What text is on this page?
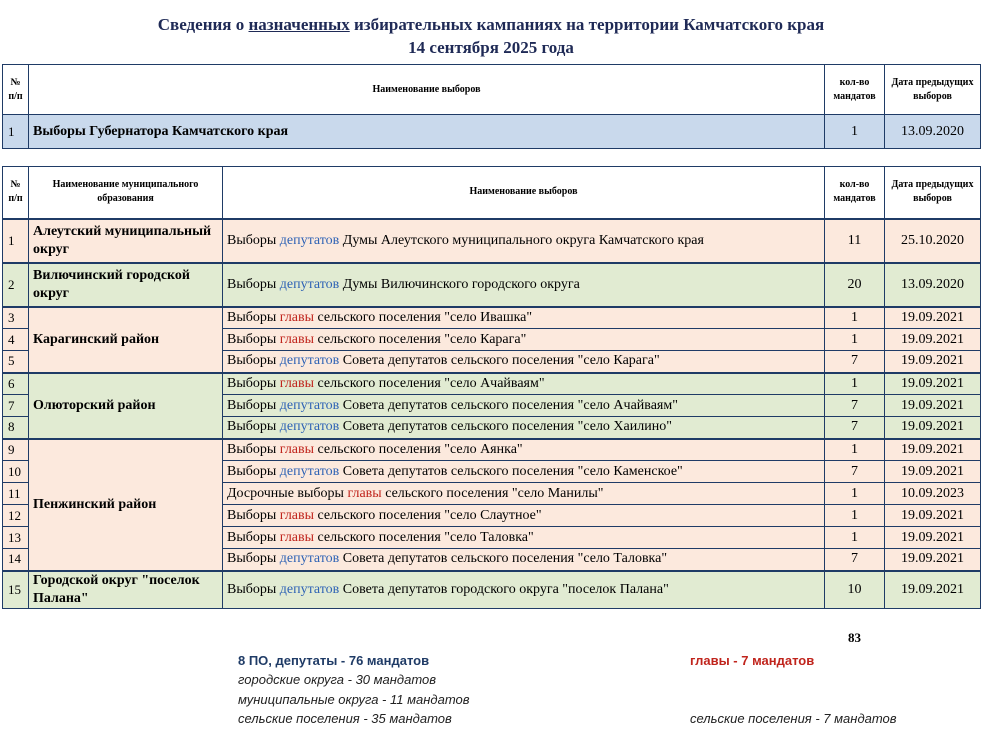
Сведения о назначенных избирательных кампаниях на территории Камчатского края
14 сентября 2025 года
№ п/п	Наименование выборов	кол-во мандатов	Дата предыдущих выборов
1	Выборы Губернатора Камчатского края	1	13.09.2020
№ п/п	Наименование муниципального образования	Наименование выборов	кол-во мандатов	Дата предыдущих выборов
1	Алеутский муниципальный округ	Выборы депутатов Думы Алеутского муниципального округа Камчатского края	11	25.10.2020
2	Вилючинский городской округ	Выборы депутатов Думы Вилючинского городского округа	20	13.09.2020
3	Карагинский район	Выборы главы сельского поселения "село Ивашка"	1	19.09.2021
4		Выборы главы сельского поселения "село Карага"	1	19.09.2021
5		Выборы депутатов Совета депутатов сельского поселения "село Карага"	7	19.09.2021
6	Олюторский район	Выборы главы сельского поселения "село Ачайваям"	1	19.09.2021
7		Выборы депутатов Совета депутатов сельского поселения "село Ачайваям"	7	19.09.2021
8		Выборы депутатов Совета депутатов сельского поселения "село Хаилино"	7	19.09.2021
9	Пенжинский район	Выборы главы сельского поселения "село Аянка"	1	19.09.2021
10		Выборы депутатов Совета депутатов сельского поселения "село Каменское"	7	19.09.2021
11		Досрочные выборы главы сельского поселения "село Манилы"	1	10.09.2023
12		Выборы главы сельского поселения "село Слаутное"	1	19.09.2021
13		Выборы главы сельского поселения "село Таловка"	1	19.09.2021
14		Выборы депутатов Совета депутатов сельского поселения "село Таловка"	7	19.09.2021
15	Городской округ "поселок Палана"	Выборы депутатов Совета депутатов городского округа "поселок Палана"	10	19.09.2021
83
8 ПО, депутаты - 76 мандатов	главы - 7 мандатов
городские округа - 30 мандатов
муниципальные округа - 11 мандатов
сельские поселения - 35 мандатов	сельские поселения - 7 мандатов
